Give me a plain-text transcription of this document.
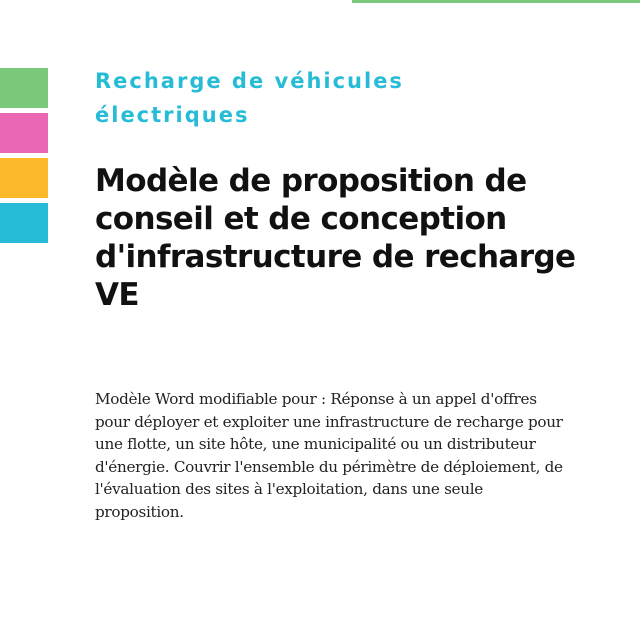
Recharge de véhicules
électriques
Modèle de proposition de conseil et de conception d'infrastructure de recharge VE

Modèle Word modifiable pour : Réponse à un appel d'offres pour déployer et exploiter une infrastructure de recharge pour une flotte, un site hôte, une municipalité ou un distributeur d'énergie. Couvrir l'ensemble du périmètre de déploiement, de l'évaluation des sites à l'exploitation, dans une seule proposition.
